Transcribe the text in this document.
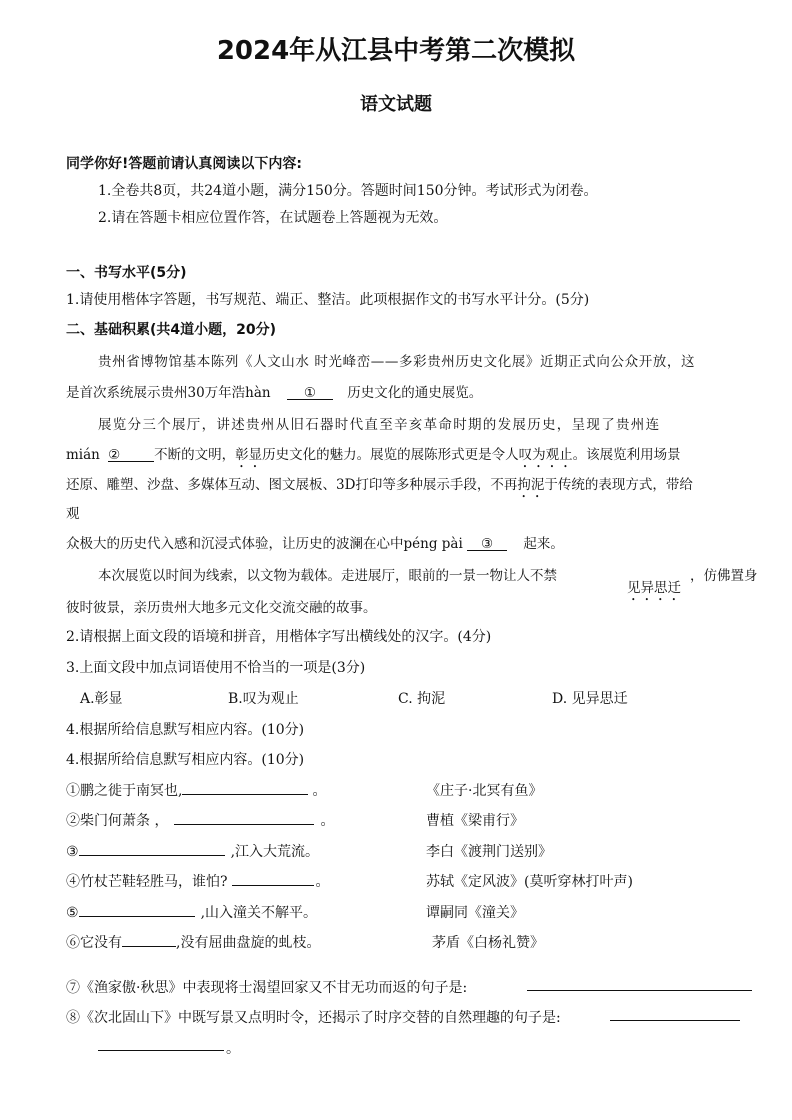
2024年从江县中考第二次模拟
语文试题
同学你好!答题前请认真阅读以下内容:
1.全卷共8页，共24道小题，满分150分。答题时间150分钟。考试形式为闭卷。
2.请在答题卡相应位置作答，在试题卷上答题视为无效。
一、书写水平(5分)
1.请使用楷体字答题，书写规范、端正、整洁。此项根据作文的书写水平计分。(5分)
二、基础积累(共4道小题，20分)
贵州省博物馆基本陈列《人文山水 时光峰峦——多彩贵州历史文化展》近期正式向公众开放，这
是首次系统展示贵州30万年浩hàn ① 历史文化的通史展览。
展览分三个展厅，讲述贵州从旧石器时代直至辛亥革命时期的发展历史，呈现了贵州连
mián ②	不断的文明，彰显历史文化的魅力。展览的展陈形式更是令人叹为观止。该展览利用场景
还原、雕塑、沙盘、多媒体互动、图文展板、3D打印等多种展示手段，不再拘泥于传统的表现方式，带给
观
众极大的历史代入感和沉浸式体验，让历史的波澜在心中péng pài ③ 起来。
本次展览以时间为线索，以文物为载体。走进展厅，眼前的一景一物让人不禁
见异思迁
，仿佛置身
彼时彼景，亲历贵州大地多元文化交流交融的故事。
2.请根据上面文段的语境和拼音，用楷体字写出横线处的汉字。(4分)
3.上面文段中加点词语使用不恰当的一项是(3分)
A.彰显	B.叹为观止	C. 拘泥	D. 见异思迁
4.根据所给信息默写相应内容。(10分)
4.根据所给信息默写相应内容。(10分)
①鹏之徙于南冥也,	。	《庄子·北冥有鱼》
②柴门何萧条 ，	。	曹植《梁甫行》
③	,江入大荒流。	李白《渡荆门送别》
④竹杖芒鞋轻胜马，谁怕?	。	苏轼《定风波》(莫听穿林打叶声)
⑤	,山入潼关不解平。	谭嗣同《潼关》
⑥它没有	,没有屈曲盘旋的虬枝。	茅盾《白杨礼赞》
⑦《渔家傲·秋思》中表现将士渴望回家又不甘无功而返的句子是:
⑧《次北固山下》中既写景又点明时令，还揭示了时序交替的自然理趣的句子是:
。
